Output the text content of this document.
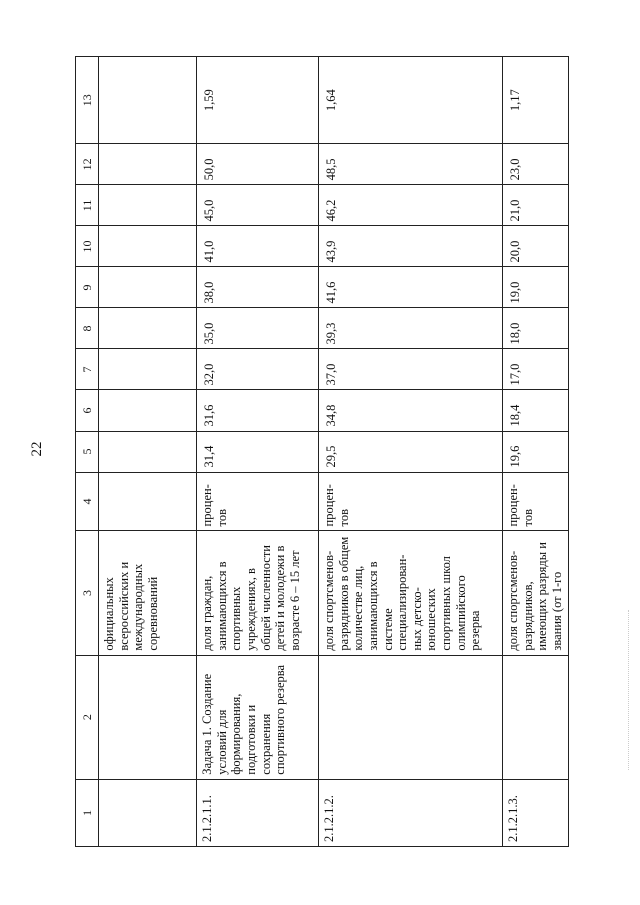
22
1	2	3	4	5	6	7	8	9	10	11	12	13
		официальных всероссийских и международных соревнований										
2.1.2.1.1.	Задача 1. Создание условий для формирования, подготовки и сохранения спортивного резерва	доля граждан, занимающихся в спортивных учреждениях, в общей численности детей и молодежи в возрасте 6 – 15 лет	процен-тов	31,4	31,6	32,0	35,0	38,0	41,0	45,0	50,0	1,59
2.1.2.1.2.		доля спортсменов-разрядников в общем количестве лиц, занимающихся в системе специализирован-ных детско-юношеских спортивных школ олимпийского резерва	процен-тов	29,5	34,8	37,0	39,3	41,6	43,9	46,2	48,5	1,64
2.1.2.1.3.		доля спортсменов-разрядников, имеющих разряды и звания (от 1-го	процен-тов	19,6	18,4	17,0	18,0	19,0	20,0	21,0	23,0	1,17
